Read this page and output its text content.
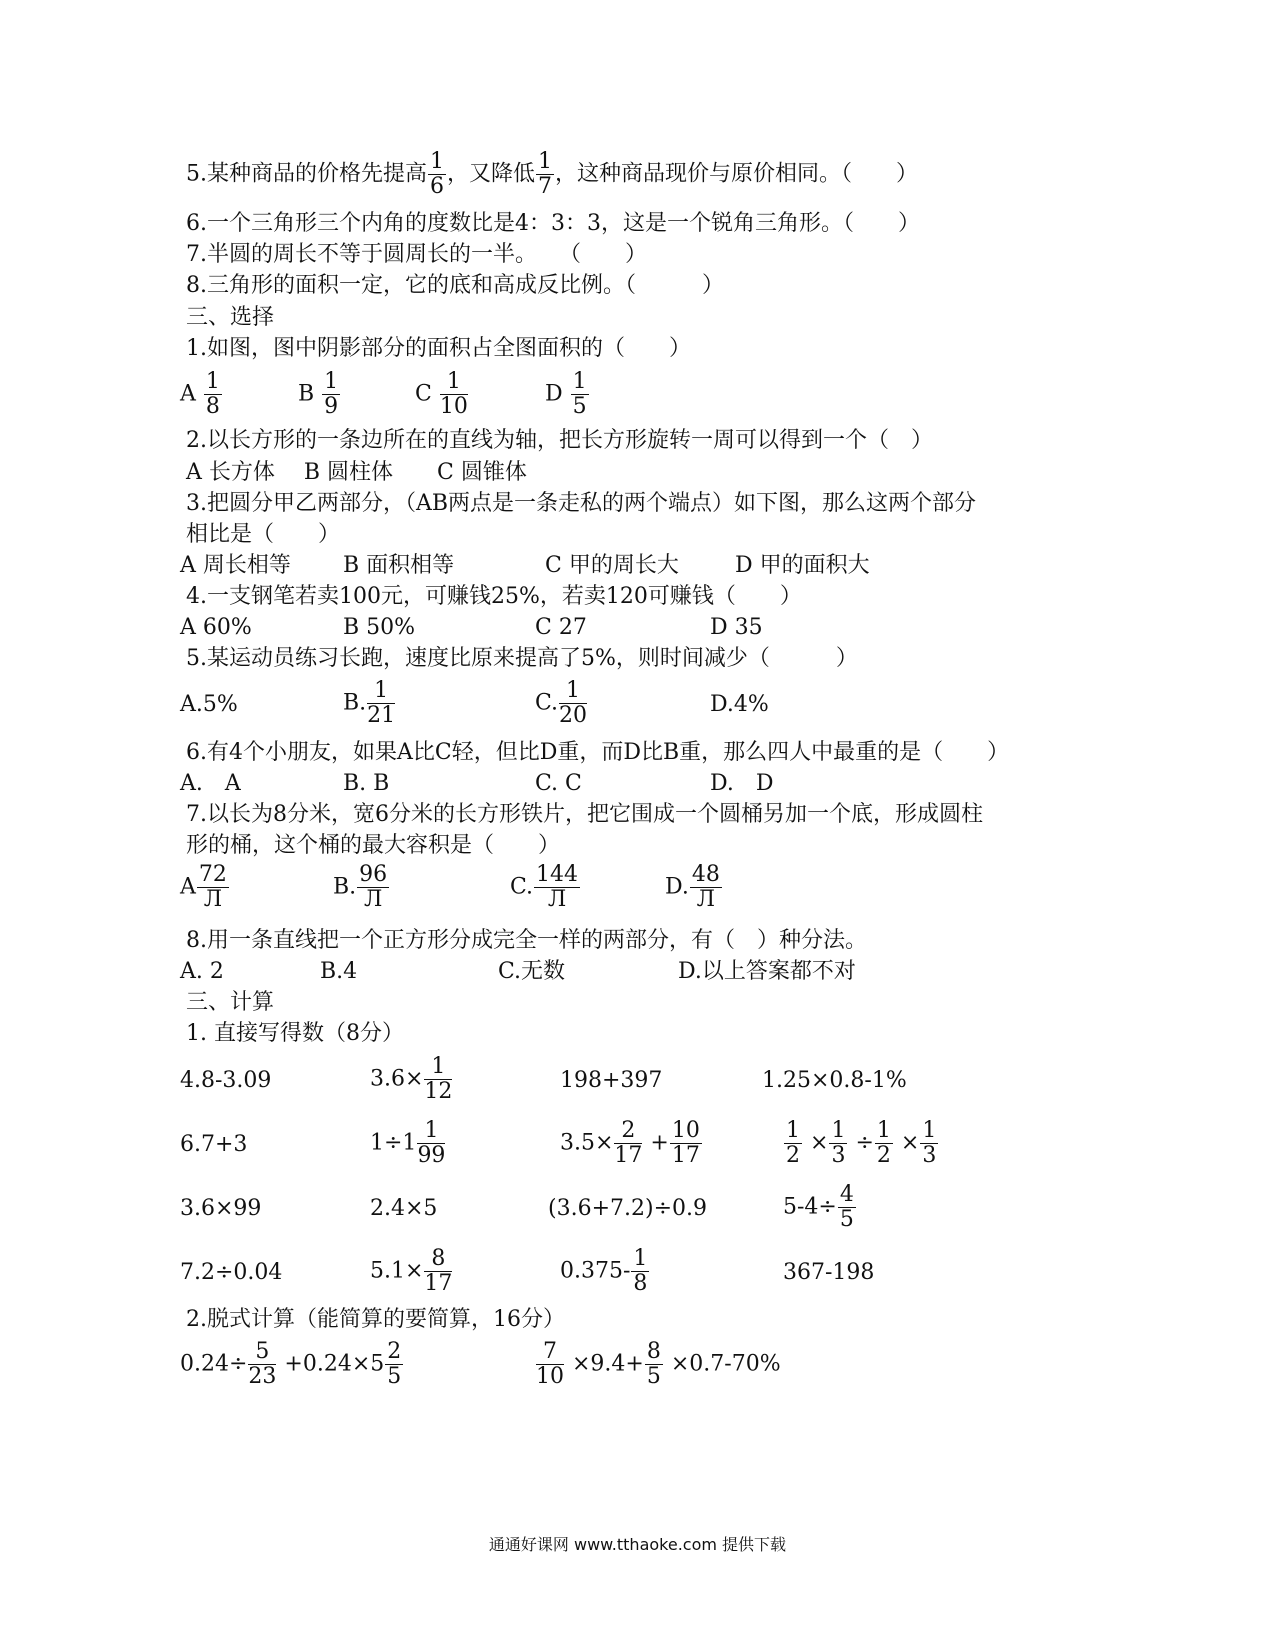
5.某种商品的价格先提高 $\frac{1}{6}$ ，又降低 $\frac{1}{7}$ ，这种商品现价与原价相同。（　　）
6.一个三角形三个内角的度数比是4：3：3，这是一个锐角三角形。（　　）
7.半圆的周长不等于圆周长的一半。　　（　　）
8.三角形的面积一定，它的底和高成反比例。（　　　）
三、选择
1.如图，图中阴影部分的面积占全图面积的（　　）
A $\frac{1}{8}$	B $\frac{1}{9}$	C $\frac{1}{10}$	D $\frac{1}{5}$
2.以长方形的一条边所在的直线为轴，把长方形旋转一周可以得到一个（　）
A 长方体　 B 圆柱体　　C 圆锥体
3.把圆分甲乙两部分，（AB两点是一条走私的两个端点）如下图，那么这两个部分
相比是（　　）
A 周长相等 B 面积相等	C 甲的周长大	D 甲的面积大
4.一支钢笔若卖100元，可赚钱25%，若卖120可赚钱（　　）
A 60%	B 50%	C 27	D 35
5.某运动员练习长跑，速度比原来提高了5%，则时间减少（　　　）
A.5%	B. $\frac{1}{21}$	C. $\frac{1}{20}$	D.4%
6.有4个小朋友，如果A比C轻，但比D重，而D比B重，那么四人中最重的是（　　）
A.　A	B. B	C. C	D.　D
7.以长为8分米，宽6分米的长方形铁片，把它围成一个圆桶另加一个底，形成圆柱
形的桶，这个桶的最大容积是（　　）
A 72
Л	B. 96
Л	C. 144
Л	D. 48
Л
8.用一条直线把一个正方形分成完全一样的两部分，有（　）种分法。
A. 2	B.4	C.无数	D.以上答案都不对
三、计算
1. 直接写得数（8分）
4.8-3.09	$3.6\times \frac{1}{12}$	198+397	1.25×0.8-1%
6.7+3	$1\div 1 \frac{1}{99}$	$3.5\times \frac{2}{17} + \frac{10}{17}$	$\frac{1}{2} \times \frac{1}{3} \div \frac{1}{2} \times \frac{1}{3}$
3.6×99	2.4×5	(3.6+7.2)÷0.9	$5-4\div \frac{4}{5}$
7.2÷0.04	$5.1\times \frac{8}{17}$	$0.375- \frac{1}{8}$	367-198
2.脱式计算（能简算的要简算，16分）
$0.24\div \frac{5}{23} +0.24\times 5 \frac{2}{5}$	$\frac{7}{10} \times 9.4+ \frac{8}{5} \times 0.7-70\%$
通通好课网 www.tthaoke.com 提供下载
